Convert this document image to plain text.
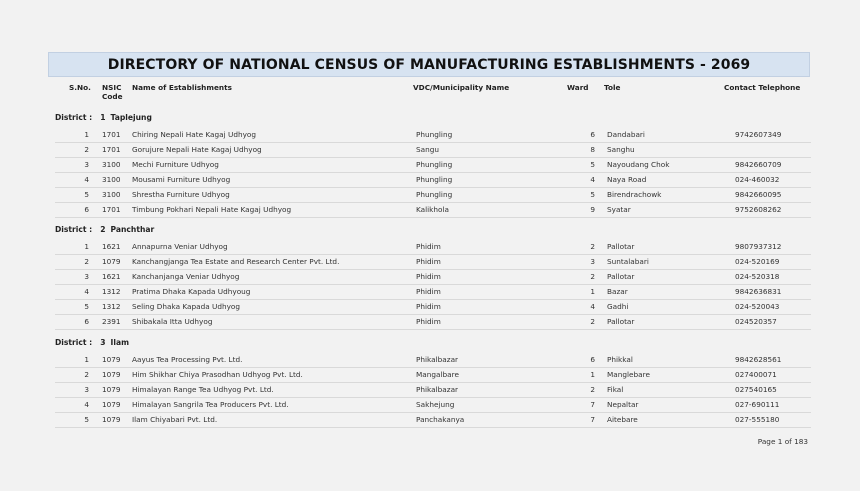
DIRECTORY OF NATIONAL CENSUS OF MANUFACTURING ESTABLISHMENTS - 2069
S.No. NSIC
Code
Name of Establishments	VDC/Municipality Name	Ward Tole	Contact Telephone
District : 1 Taplejung
1 1701 Chiring Nepali Hate Kagaj Udhyog	Phungling	6 Dandabari	9742607349
2 1701 Gorujure Nepali Hate Kagaj Udhyog	Sangu	8 Sanghu
3 3100 Mechi Furniture Udhyog	Phungling	5 Nayoudang Chok	9842660709
4 3100 Mousami Furniture Udhyog	Phungling	4 Naya Road	024-460032
5 3100 Shrestha Furniture Udhyog	Phungling	5 Birendrachowk	9842660095
6 1701 Timbung Pokhari Nepali Hate Kagaj Udhyog	Kalikhola	9 Syatar	9752608262
District : 2 Panchthar
1 1621 Annapurna Veniar Udhyog	Phidim	2 Pallotar	9807937312
2 1079 Kanchangjanga Tea Estate and Research Center Pvt. Ltd.	Phidim	3 Suntalabari	024-520169
3 1621 Kanchanjanga Veniar Udhyog	Phidim	2 Pallotar	024-520318
4 1312 Pratima Dhaka Kapada Udhyoug	Phidim	1 Bazar	9842636831
5 1312 Seling Dhaka Kapada Udhyog	Phidim	4 Gadhi	024-520043
6 2391 Shibakala Itta Udhyog	Phidim	2 Pallotar	024520357
District : 3 Ilam
1 1079 Aayus Tea Processing Pvt. Ltd.	Phikalbazar	6 Phikkal	9842628561
2 1079 Him Shikhar Chiya Prasodhan Udhyog Pvt. Ltd.	Mangalbare	1 Manglebare	027400071
3 1079 Himalayan Range Tea Udhyog Pvt. Ltd.	Phikalbazar	2 Fikal	027540165
4 1079 Himalayan Sangrila Tea Producers Pvt. Ltd.	Sakhejung	7 Nepaltar	027-690111
5 1079 Ilam Chiyabari Pvt. Ltd.	Panchakanya	7 Aitebare	027-555180
Page 1 of 183
